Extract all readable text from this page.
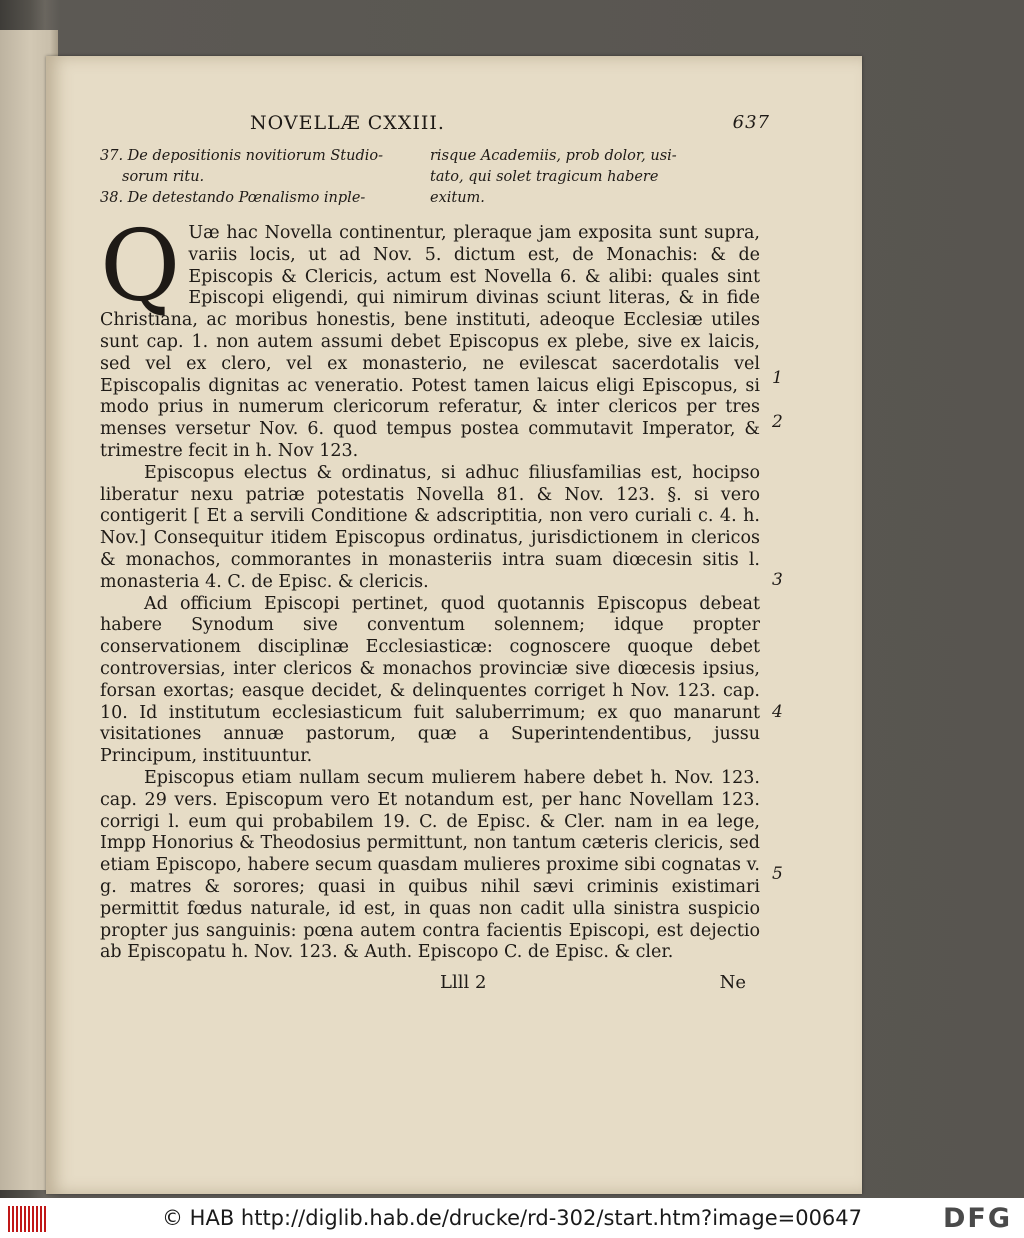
NOVELLÆ CXXIII.	637

37. De depositionis novitiorum Studio-

sorum ritu.

38. De detestando Pœnalismo inple-

risque Academiis, prob dolor, usi-

tato, qui solet tragicum habere

exitum.

Q Uæ hac Novella continentur, pleraque jam exposita sunt supra, variis locis, ut ad Nov. 5. dictum est, de Monachis: & de Episcopis & Clericis, actum est Novella 6. & alibi: quales sint Episcopi eligendi, qui nimirum divinas sciunt literas, & in fide Christiana, ac moribus honestis, bene instituti, adeoque Ecclesiæ utiles sunt cap. 1. non autem assumi debet Episcopus ex plebe, sive ex laicis, sed vel ex clero, vel ex monasterio, ne evilescat sacerdotalis vel Episcopalis dignitas ac veneratio. Potest tamen laicus eligi Episcopus, si modo prius in numerum clericorum referatur, & inter clericos per tres menses versetur Nov. 6. quod tempus postea commutavit Imperator, & trimestre fecit in h. Nov 123.

Episcopus electus & ordinatus, si adhuc filiusfamilias est, hocipso liberatur nexu patriæ potestatis Novella 81. & Nov. 123. §. si vero contigerit [ Et a servili Conditione & adscriptitia, non vero curiali c. 4. h. Nov.] Consequitur itidem Episcopus ordinatus, jurisdictionem in clericos & monachos, commorantes in monasteriis intra suam diœcesin sitis l. monasteria 4. C. de Episc. & clericis.

Ad officium Episcopi pertinet, quod quotannis Episcopus debeat habere Synodum sive conventum solennem; idque propter conservationem disciplinæ Ecclesiasticæ: cognoscere quoque debet controversias, inter clericos & monachos provinciæ sive diœcesis ipsius, forsan exortas; easque decidet, & delinquentes corriget h Nov. 123. cap. 10. Id institutum ecclesiasticum fuit saluberrimum; ex quo manarunt visitationes annuæ pastorum, quæ a Superintendentibus, jussu Principum, instituuntur.

Episcopus etiam nullam secum mulierem habere debet h. Nov. 123. cap. 29 vers. Episcopum vero Et notandum est, per hanc Novellam 123. corrigi l. eum qui probabilem 19. C. de Episc. & Cler. nam in ea lege, Impp Honorius & Theodosius permittunt, non tantum cæteris clericis, sed etiam Episcopo, habere secum quasdam mulieres proxime sibi cognatas v. g. matres & sorores; quasi in quibus nihil sævi criminis existimari permittit fœdus naturale, id est, in quas non cadit ulla sinistra suspicio propter jus sanguinis: pœna autem contra facientis Episcopi, est dejectio ab Episcopatu h. Nov. 123. & Auth. Episcopo C. de Episc. & cler.

1
2
3
4
5
Llll 2	Ne
© HAB http://diglib.hab.de/drucke/rd-302/start.htm?image=00647	DFG
